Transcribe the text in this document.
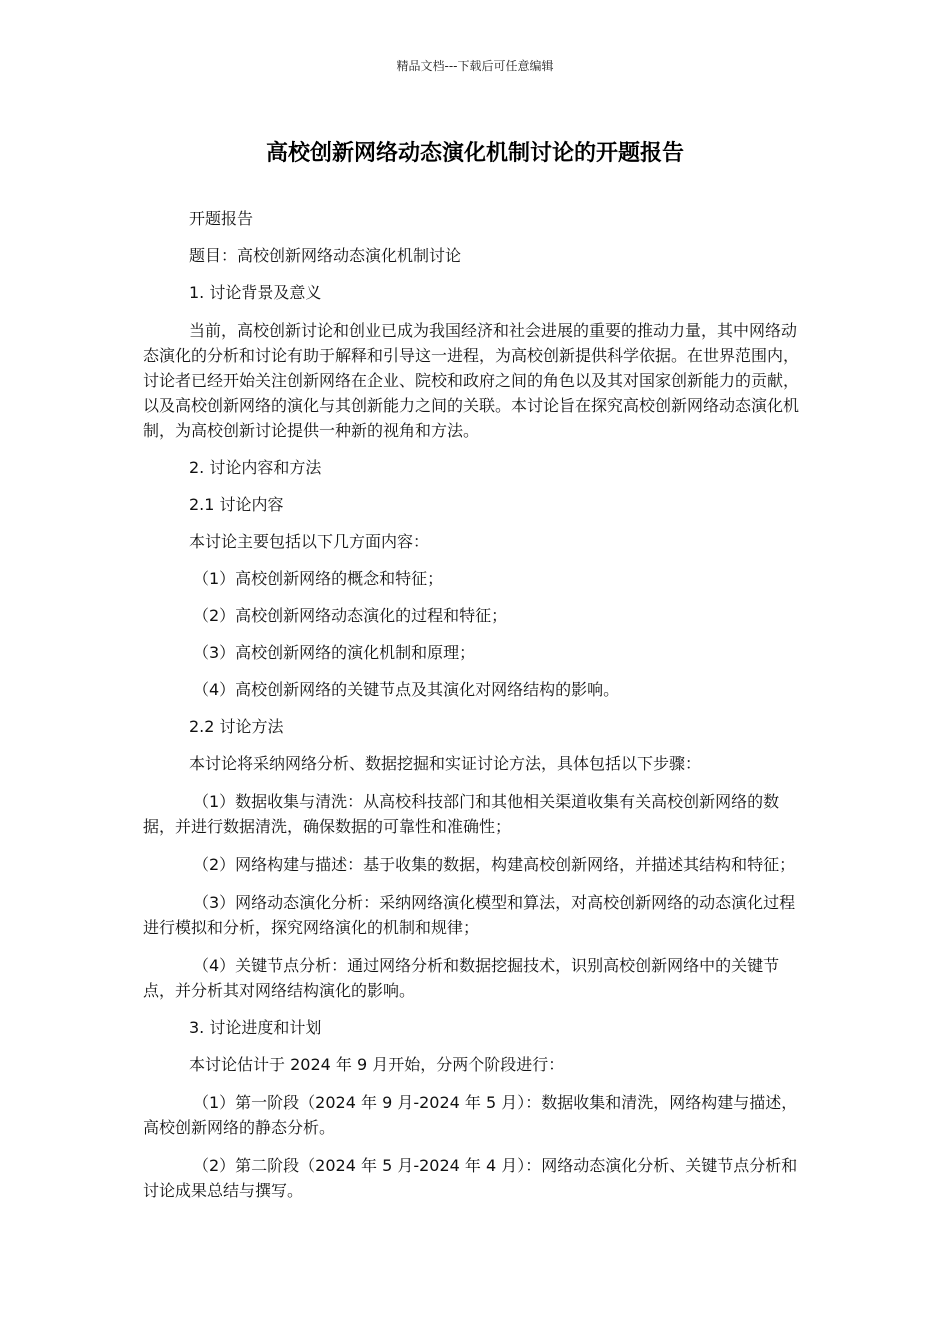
精品文档---下载后可任意编辑
高校创新网络动态演化机制讨论的开题报告

开题报告

题目：高校创新网络动态演化机制讨论

1. 讨论背景及意义

当前，高校创新讨论和创业已成为我国经济和社会进展的重要的推动力量，其中网络动态演化的分析和讨论有助于解释和引导这一进程，为高校创新提供科学依据。在世界范围内，讨论者已经开始关注创新网络在企业、院校和政府之间的角色以及其对国家创新能力的贡献，以及高校创新网络的演化与其创新能力之间的关联。本讨论旨在探究高校创新网络动态演化机制，为高校创新讨论提供一种新的视角和方法。

2. 讨论内容和方法

2.1 讨论内容

本讨论主要包括以下几方面内容：

（1）高校创新网络的概念和特征；

（2）高校创新网络动态演化的过程和特征；

（3）高校创新网络的演化机制和原理；

（4）高校创新网络的关键节点及其演化对网络结构的影响。

2.2 讨论方法

本讨论将采纳网络分析、数据挖掘和实证讨论方法，具体包括以下步骤：

（1）数据收集与清洗：从高校科技部门和其他相关渠道收集有关高校创新网络的数据，并进行数据清洗，确保数据的可靠性和准确性；

（2）网络构建与描述：基于收集的数据，构建高校创新网络，并描述其结构和特征；

（3）网络动态演化分析：采纳网络演化模型和算法，对高校创新网络的动态演化过程进行模拟和分析，探究网络演化的机制和规律；

（4）关键节点分析：通过网络分析和数据挖掘技术，识别高校创新网络中的关键节点，并分析其对网络结构演化的影响。

3. 讨论进度和计划

本讨论估计于 2024 年 9 月开始，分两个阶段进行：

（1）第一阶段（2024 年 9 月-2024 年 5 月）：数据收集和清洗，网络构建与描述，高校创新网络的静态分析。

（2）第二阶段（2024 年 5 月-2024 年 4 月）：网络动态演化分析、关键节点分析和讨论成果总结与撰写。
